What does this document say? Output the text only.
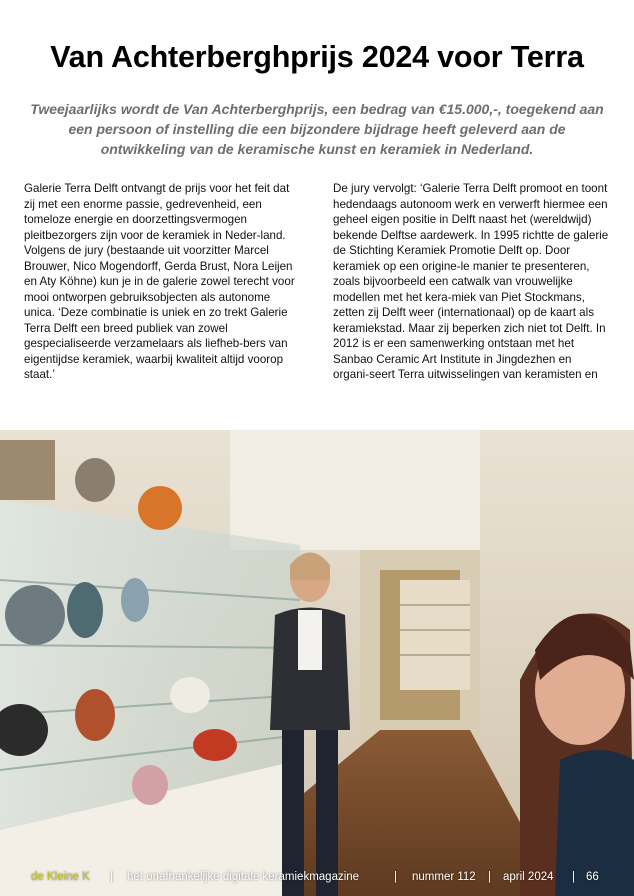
Van Achterberghprijs 2024 voor Terra

Tweejaarlijks wordt de Van Achterberghprijs, een bedrag van €15.000,-, toegekend aan een persoon of instelling die een bijzondere bijdrage heeft geleverd aan de ontwikkeling van de keramische kunst en keramiek in Nederland.

Galerie Terra Delft ontvangt de prijs voor het feit dat zij met een enorme passie, gedrevenheid, een tomeloze energie en doorzettingsvermogen pleitbezorgers zijn voor de keramiek in Neder-land.

Volgens de jury (bestaande uit voorzitter Marcel Brouwer, Nico Mogendorff, Gerda Brust, Nora Leijen en Aty Köhne) kun je in de galerie zowel terecht voor mooi ontworpen gebruiksobjecten als autonome unica. ‘Deze combinatie is uniek en zo trekt Galerie Terra Delft een breed publiek van zowel gespecialiseerde verzamelaars als liefheb-bers van eigentijdse keramiek, waarbij kwaliteit altijd voorop staat.’

De jury vervolgt: ‘Galerie Terra Delft promoot en toont hedendaags autonoom werk en verwerft hiermee een geheel eigen positie in Delft naast het (wereldwijd) bekende Delftse aardewerk. In 1995 richtte de galerie de Stichting Keramiek Promotie Delft op. Door keramiek op een origine-le manier te presenteren, zoals bijvoorbeeld een catwalk van vrouwelijke modellen met het kera-miek van Piet Stockmans, zetten zij Delft weer (internationaal) op de kaart als keramiekstad. Maar zij beperken zich niet tot Delft. In 2012 is er een samenwerking ontstaan met het Sanbao Ceramic Art Institute in Jingdezhen en organi-seert Terra uitwisselingen van keramisten en

de Kleine K | het onafhankelijke digitale keramiekmagazine	| nummer 112 | april 2024 | 66
